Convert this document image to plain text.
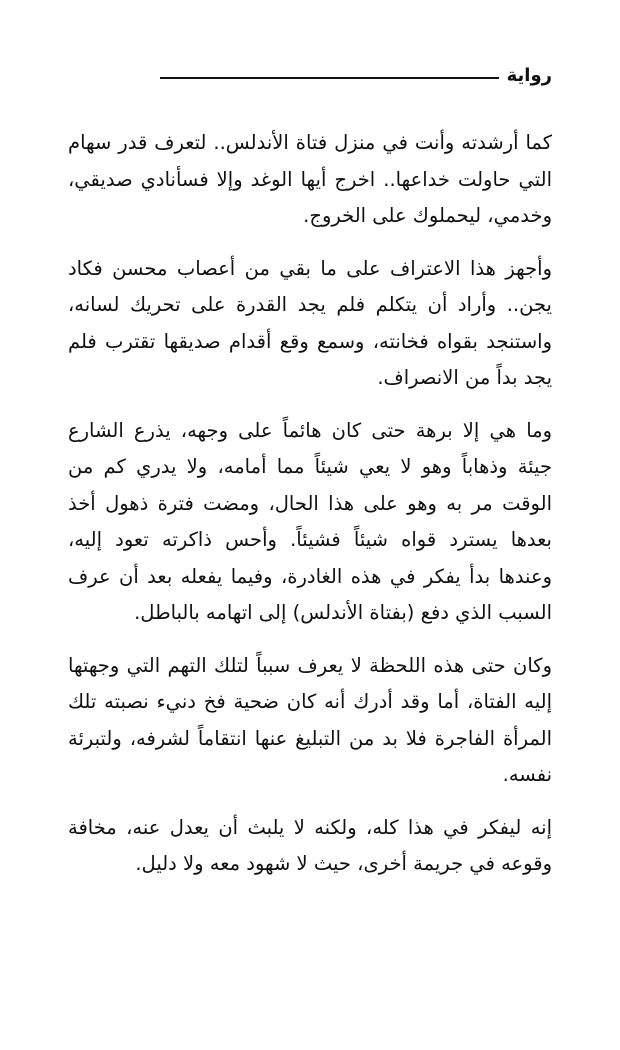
رواية

كما أرشدته وأنت في منزل فتاة الأندلس.. لتعرف قدر سهام التي حاولت خداعها.. اخرج أيها الوغد وإلا فسأنادي صديقي، وخدمي، ليحملوك على الخروج.

وأجهز هذا الاعتراف على ما بقي من أعصاب محسن فكاد يجن.. وأراد أن يتكلم فلم يجد القدرة على تحريك لسانه، واستنجد بقواه فخانته، وسمع وقع أقدام صديقها تقترب فلم يجد بداً من الانصراف.

وما هي إلا برهة حتى كان هائماً على وجهه، يذرع الشارع جيئة وذهاباً وهو لا يعي شيئاً مما أمامه، ولا يدري كم من الوقت مر به وهو على هذا الحال، ومضت فترة ذهول أخذ بعدها يسترد قواه شيئاً فشيئاً. وأحس ذاكرته تعود إليه، وعندها بدأ يفكر في هذه الغادرة، وفيما يفعله بعد أن عرف السبب الذي دفع (بفتاة الأندلس) إلى اتهامه بالباطل.

وكان حتى هذه اللحظة لا يعرف سبباً لتلك التهم التي وجهتها إليه الفتاة، أما وقد أدرك أنه كان ضحية فخ دنيء نصبته تلك المرأة الفاجرة فلا بد من التبليغ عنها انتقاماً لشرفه، ولتبرئة نفسه.

إنه ليفكر في هذا كله، ولكنه لا يلبث أن يعدل عنه، مخافة وقوعه في جريمة أخرى، حيث لا شهود معه ولا دليل.
